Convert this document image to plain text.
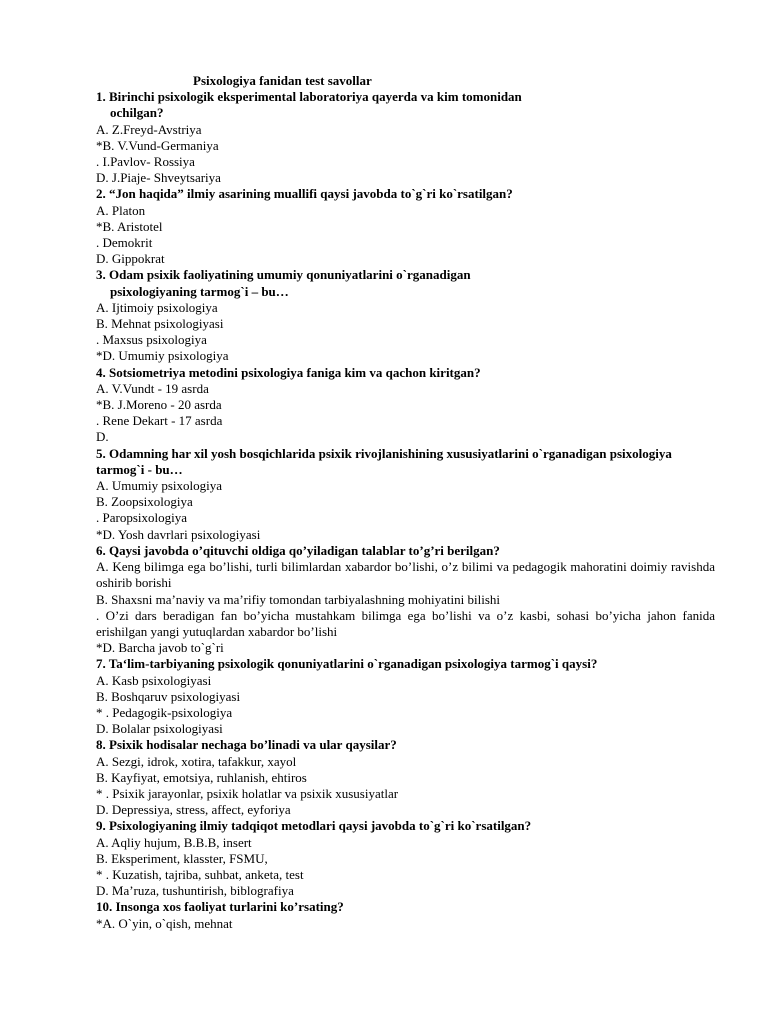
Psixologiya fanidan test savollar

1. Birinchi psixologik eksperimental laboratoriya qayerda va kim tomonidan
ochilgan?

A. Z.Freyd-Avstriya

*B. V.Vund-Germaniya

. I.Pavlov- Rossiya

D. J.Piaje- Shveytsariya

2. “Jon haqida” ilmiy asarining muallifi qaysi javobda to`g`ri ko`rsatilgan?

A. Platon

*B. Aristotel

. Demokrit

D. Gippokrat

3. Odam psixik faoliyatining umumiy qonuniyatlarini o`rganadigan
psixologiyaning tarmog`i – bu…

A. Ijtimoiy psixologiya

B. Mehnat psixologiyasi

. Maxsus psixologiya

*D. Umumiy psixologiya

4. Sotsiometriya metodini psixologiya faniga kim va qachon kiritgan?

A. V.Vundt - 19 asrda

*B. J.Moreno - 20 asrda

. Rene Dekart - 17 asrda

D.

5. Odamning har xil yosh bosqichlarida psixik rivojlanishining xususiyatlarini o`rganadigan psixologiya tarmog`i - bu…

A. Umumiy psixologiya

B. Zoopsixologiya

. Paropsixologiya

*D. Yosh davrlari psixologiyasi

6. Qaysi javobda o’qituvchi oldiga qo’yiladigan talablar to’g’ri berilgan?

A. Keng bilimga ega bo’lishi, turli bilimlardan xabardor bo’lishi, o’z bilimi va pedagogik mahoratini doimiy ravishda oshirib borishi

B. Shaxsni ma’naviy va ma’rifiy tomondan tarbiyalashning mohiyatini bilishi

. O’zi dars beradigan fan bo’yicha mustahkam bilimga ega bo’lishi va o’z kasbi, sohasi bo’yicha jahon fanida erishilgan yangi yutuqlardan xabardor bo’lishi

*D. Barcha javob to`g`ri

7. Ta‘lim-tarbiyaning psixologik qonuniyatlarini o`rganadigan psixologiya tarmog`i qaysi?

A. Kasb psixologiyasi

B. Boshqaruv psixologiyasi

* . Pedagogik-psixologiya

D. Bolalar psixologiyasi

8. Psixik hodisalar nechaga bo’linadi va ular qaysilar?

A. Sezgi, idrok, xotira, tafakkur, xayol

B. Kayfiyat, emotsiya, ruhlanish, ehtiros

* . Psixik jarayonlar, psixik holatlar va psixik xususiyatlar

D. Depressiya, stress, affect, eyforiya

9. Psixologiyaning ilmiy tadqiqot metodlari qaysi javobda to`g`ri ko`rsatilgan?

A. Aqliy hujum, B.B.B, insert

B. Eksperiment, klasster, FSMU,

* . Kuzatish, tajriba, suhbat, anketa, test

D. Ma’ruza, tushuntirish, biblografiya

10. Insonga xos faoliyat turlarini ko’rsating?

*A. O`yin, o`qish, mehnat
